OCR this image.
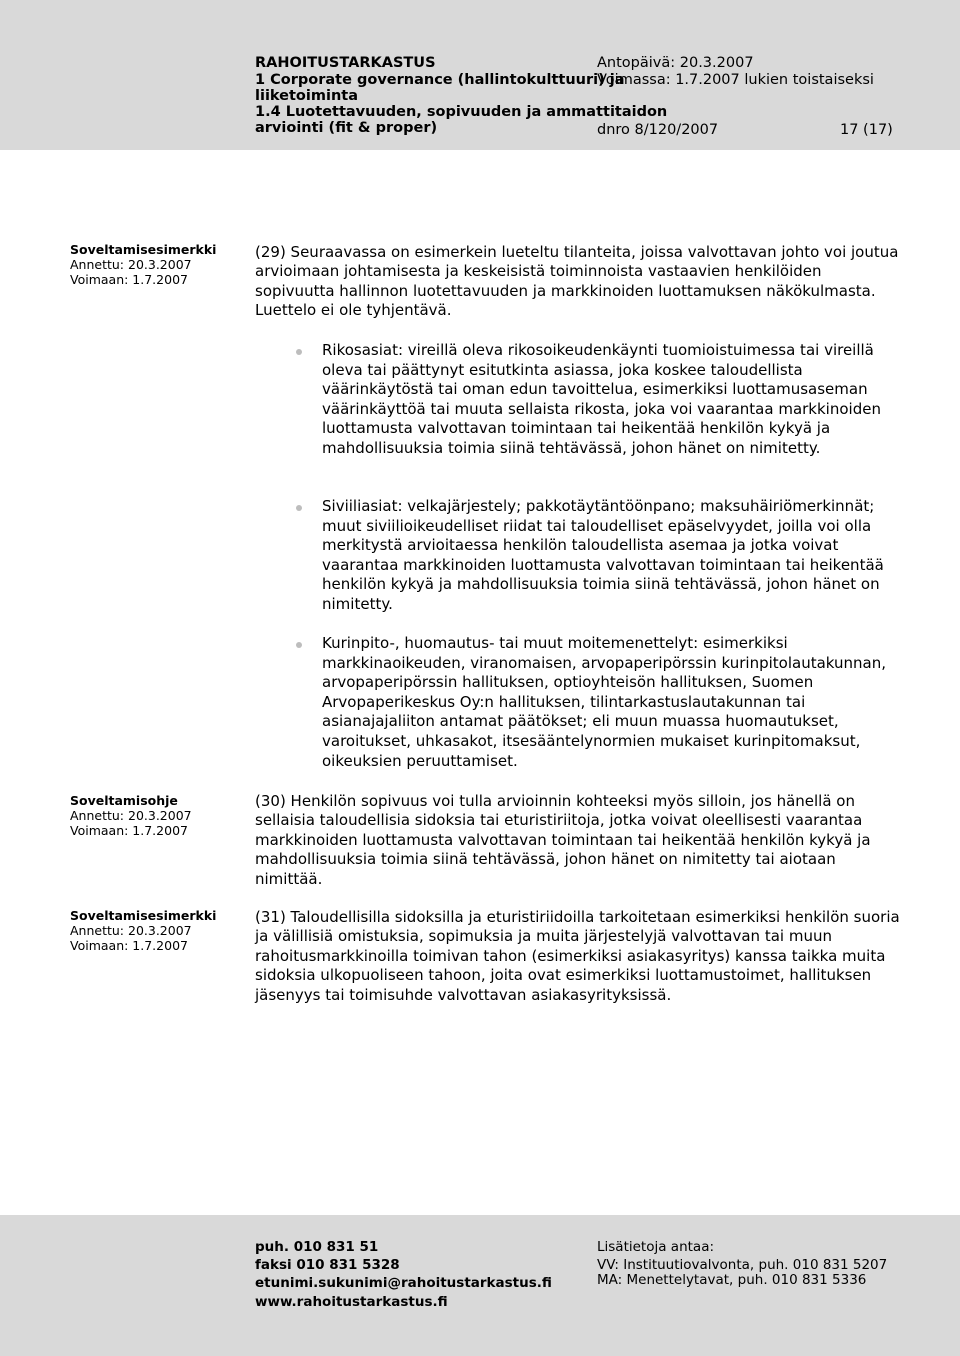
RAHOITUSTARKASTUS
1 Corporate governance (hallintokulttuuri) ja
liiketoiminta
1.4 Luotettavuuden, sopivuuden ja ammattitaidon
arviointi (fit & proper)
Antopäivä: 20.3.2007
Voimassa: 1.7.2007 lukien toistaiseksi
dnro 8/120/2007	17 (17)
Soveltamisesimerkki
Annettu: 20.3.2007
Voimaan: 1.7.2007

(29) Seuraavassa on esimerkein lueteltu tilanteita, joissa valvottavan johto voi joutua arvioimaan johtamisesta ja keskeisistä toiminnoista vastaavien henkilöiden sopivuutta hallinnon luotettavuuden ja markkinoiden luottamuksen näkökulmasta. Luettelo ei ole tyhjentävä.

Rikosasiat: vireillä oleva rikosoikeudenkäynti tuomioistuimessa tai vireillä oleva tai päättynyt esitutkinta asiassa, joka koskee taloudellista väärinkäytöstä tai oman edun tavoittelua, esimerkiksi luottamusaseman väärinkäyttöä tai muuta sellaista rikosta, joka voi vaarantaa markkinoiden luottamusta valvottavan toimintaan tai heikentää henkilön kykyä ja mahdollisuuksia toimia siinä tehtävässä, johon hänet on nimitetty.

Siviiliasiat: velkajärjestely; pakkotäytäntöönpano; maksuhäiriömerkinnät; muut siviilioikeudelliset riidat tai taloudelliset epäselvyydet, joilla voi olla merkitystä arvioitaessa henkilön taloudellista asemaa ja jotka voivat vaarantaa markkinoiden luottamusta valvottavan toimintaan tai heikentää henkilön kykyä ja mahdollisuuksia toimia siinä tehtävässä, johon hänet on nimitetty.

Kurinpito-, huomautus- tai muut moitemenettelyt: esimerkiksi markkinaoikeuden, viranomaisen, arvopaperipörssin kurinpitolautakunnan, arvopaperipörssin hallituksen, optioyhteisön hallituksen, Suomen Arvopaperikeskus Oy:n hallituksen, tilintarkastuslautakunnan tai asianajajaliiton antamat päätökset; eli muun muassa huomautukset, varoitukset, uhkasakot, itsesääntelynormien mukaiset kurinpitomaksut, oikeuksien peruuttamiset.

Soveltamisohje
Annettu: 20.3.2007
Voimaan: 1.7.2007

(30) Henkilön sopivuus voi tulla arvioinnin kohteeksi myös silloin, jos hänellä on sellaisia taloudellisia sidoksia tai eturistiriitoja, jotka voivat oleellisesti vaarantaa markkinoiden luottamusta valvottavan toimintaan tai heikentää henkilön kykyä ja mahdollisuuksia toimia siinä tehtävässä, johon hänet on nimitetty tai aiotaan nimittää.

Soveltamisesimerkki
Annettu: 20.3.2007
Voimaan: 1.7.2007

(31) Taloudellisilla sidoksilla ja eturistiriidoilla tarkoitetaan esimerkiksi henkilön suoria ja välillisiä omistuksia, sopimuksia ja muita järjestelyjä valvottavan tai muun rahoitusmarkkinoilla toimivan tahon (esimerkiksi asiakasyritys) kanssa taikka muita sidoksia ulkopuoliseen tahoon, joita ovat esimerkiksi luottamustoimet, hallituksen jäsenyys tai toimisuhde valvottavan asiakasyrityksissä.

puh. 010 831 51
faksi 010 831 5328
etunimi.sukunimi@rahoitustarkastus.fi
www.rahoitustarkastus.fi
Lisätietoja antaa:
VV: Instituutiovalvonta, puh. 010 831 5207
MA: Menettelytavat, puh. 010 831 5336
